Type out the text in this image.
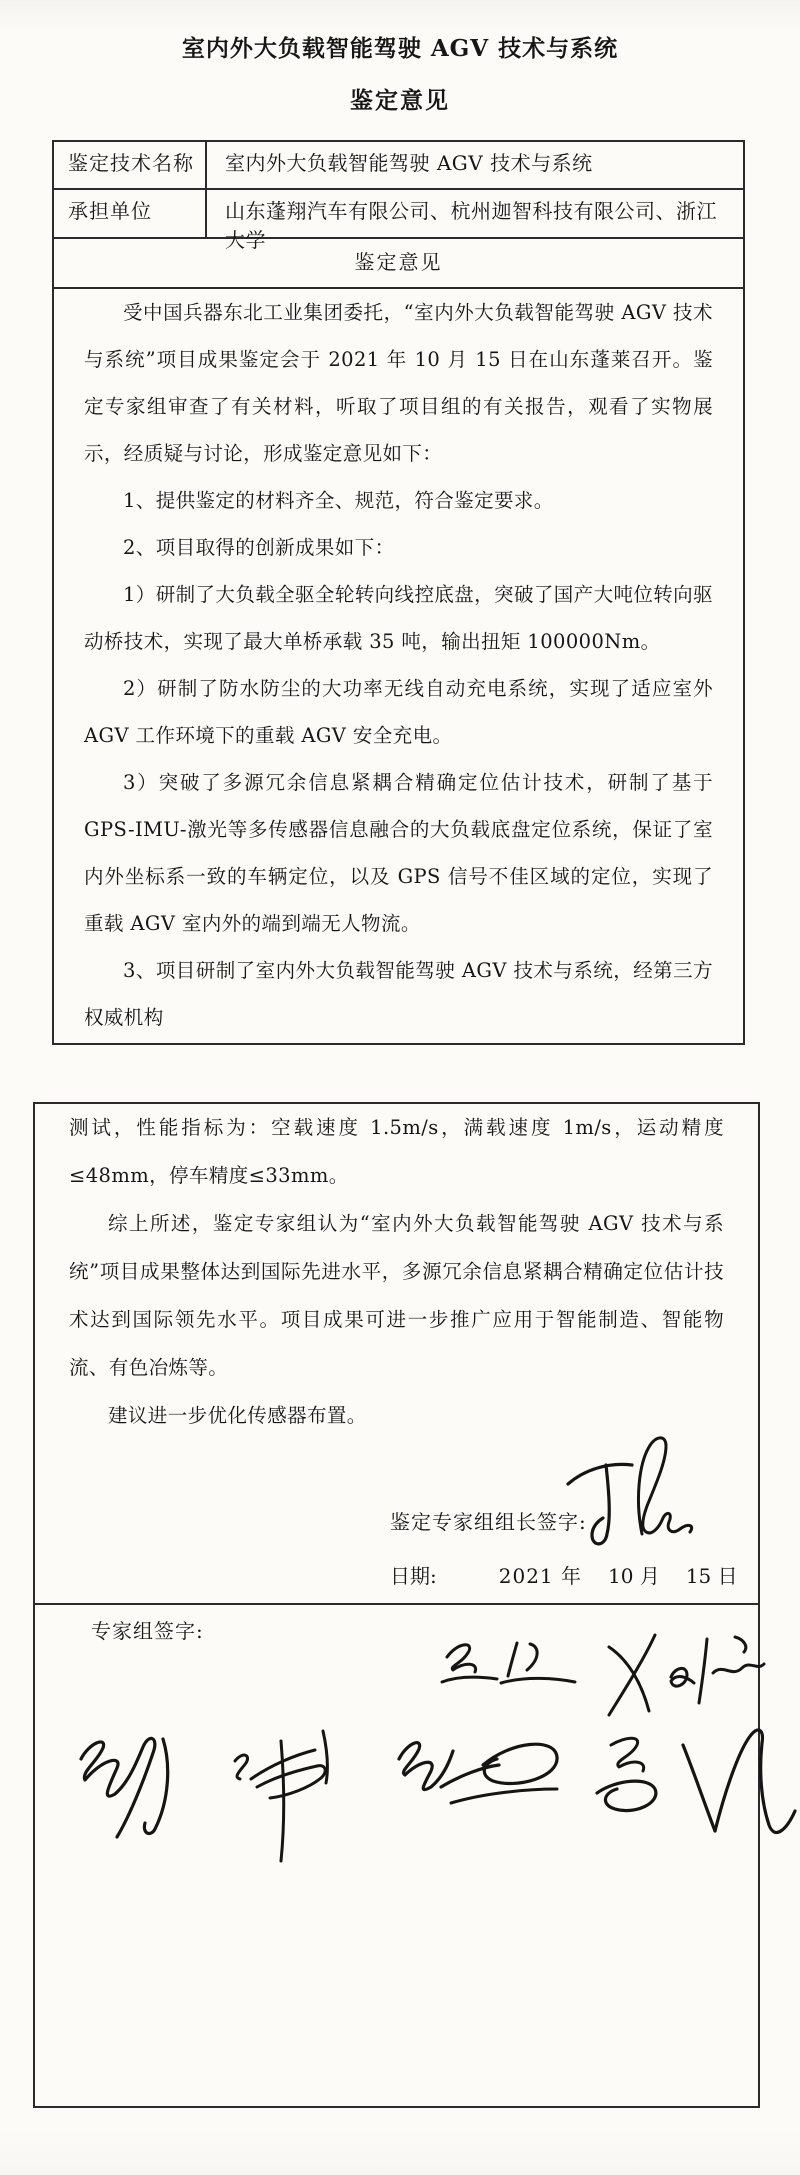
室内外大负载智能驾驶 AGV 技术与系统
鉴定意见
鉴定技术名称	室内外大负载智能驾驶 AGV 技术与系统
承担单位	山东蓬翔汽车有限公司、杭州迦智科技有限公司、浙江大学
鉴定意见

受中国兵器东北工业集团委托，“室内外大负载智能驾驶 AGV 技术与系统”项目成果鉴定会于 2021 年 10 月 15 日在山东蓬莱召开。鉴定专家组审查了有关材料，听取了项目组的有关报告，观看了实物展示，经质疑与讨论，形成鉴定意见如下：

1、提供鉴定的材料齐全、规范，符合鉴定要求。

2、项目取得的创新成果如下：

1）研制了大负载全驱全轮转向线控底盘，突破了国产大吨位转向驱动桥技术，实现了最大单桥承载 35 吨，输出扭矩 100000Nm。

2）研制了防水防尘的大功率无线自动充电系统，实现了适应室外 AGV 工作环境下的重载 AGV 安全充电。

3）突破了多源冗余信息紧耦合精确定位估计技术，研制了基于 GPS-IMU-激光等多传感器信息融合的大负载底盘定位系统，保证了室内外坐标系一致的车辆定位，以及 GPS 信号不佳区域的定位，实现了重载 AGV 室内外的端到端无人物流。

3、项目研制了室内外大负载智能驾驶 AGV 技术与系统，经第三方权威机构

测试，性能指标为：空载速度 1.5m/s，满载速度 1m/s，运动精度≤48mm，停车精度≤33mm。

综上所述，鉴定专家组认为“室内外大负载智能驾驶 AGV 技术与系统”项目成果整体达到国际先进水平，多源冗余信息紧耦合精确定位估计技术达到国际领先水平。项目成果可进一步推广应用于智能制造、智能物流、有色冶炼等。

建议进一步优化传感器布置。

鉴定专家组组长签字:
日期:	2021 年 10 月 15 日
专家组签字:
